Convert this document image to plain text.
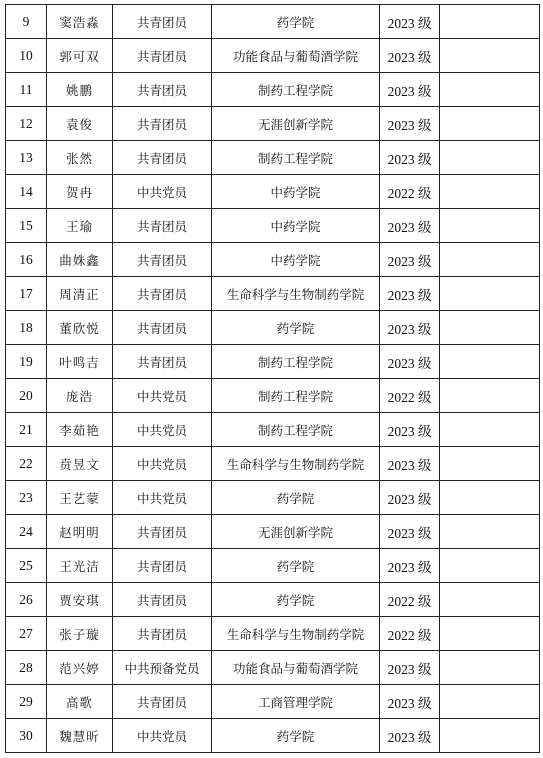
9	窦浩淼	共青团员	药学院	2023 级	
10	郭可双	共青团员	功能食品与葡萄酒学院	2023 级	
11	姚鹏	共青团员	制药工程学院	2023 级	
12	袁俊	共青团员	无涯创新学院	2023 级	
13	张然	共青团员	制药工程学院	2023 级	
14	贺冉	中共党员	中药学院	2022 级	
15	王瑜	共青团员	中药学院	2023 级	
16	曲姝鑫	共青团员	中药学院	2023 级	
17	周清正	共青团员	生命科学与生物制药学院	2023 级	
18	董欣悦	共青团员	药学院	2023 级	
19	叶鸣吉	共青团员	制药工程学院	2023 级	
20	庞浩	中共党员	制药工程学院	2022 级	
21	李茹艳	中共党员	制药工程学院	2023 级	
22	贲昱文	中共党员	生命科学与生物制药学院	2023 级	
23	王艺蒙	中共党员	药学院	2023 级	
24	赵明明	共青团员	无涯创新学院	2023 级	
25	王光洁	共青团员	药学院	2023 级	
26	贾安琪	共青团员	药学院	2022 级	
27	张子璇	共青团员	生命科学与生物制药学院	2022 级	
28	范兴婷	中共预备党员	功能食品与葡萄酒学院	2023 级	
29	高歌	共青团员	工商管理学院	2023 级	
30	魏慧昕	中共党员	药学院	2023 级	
